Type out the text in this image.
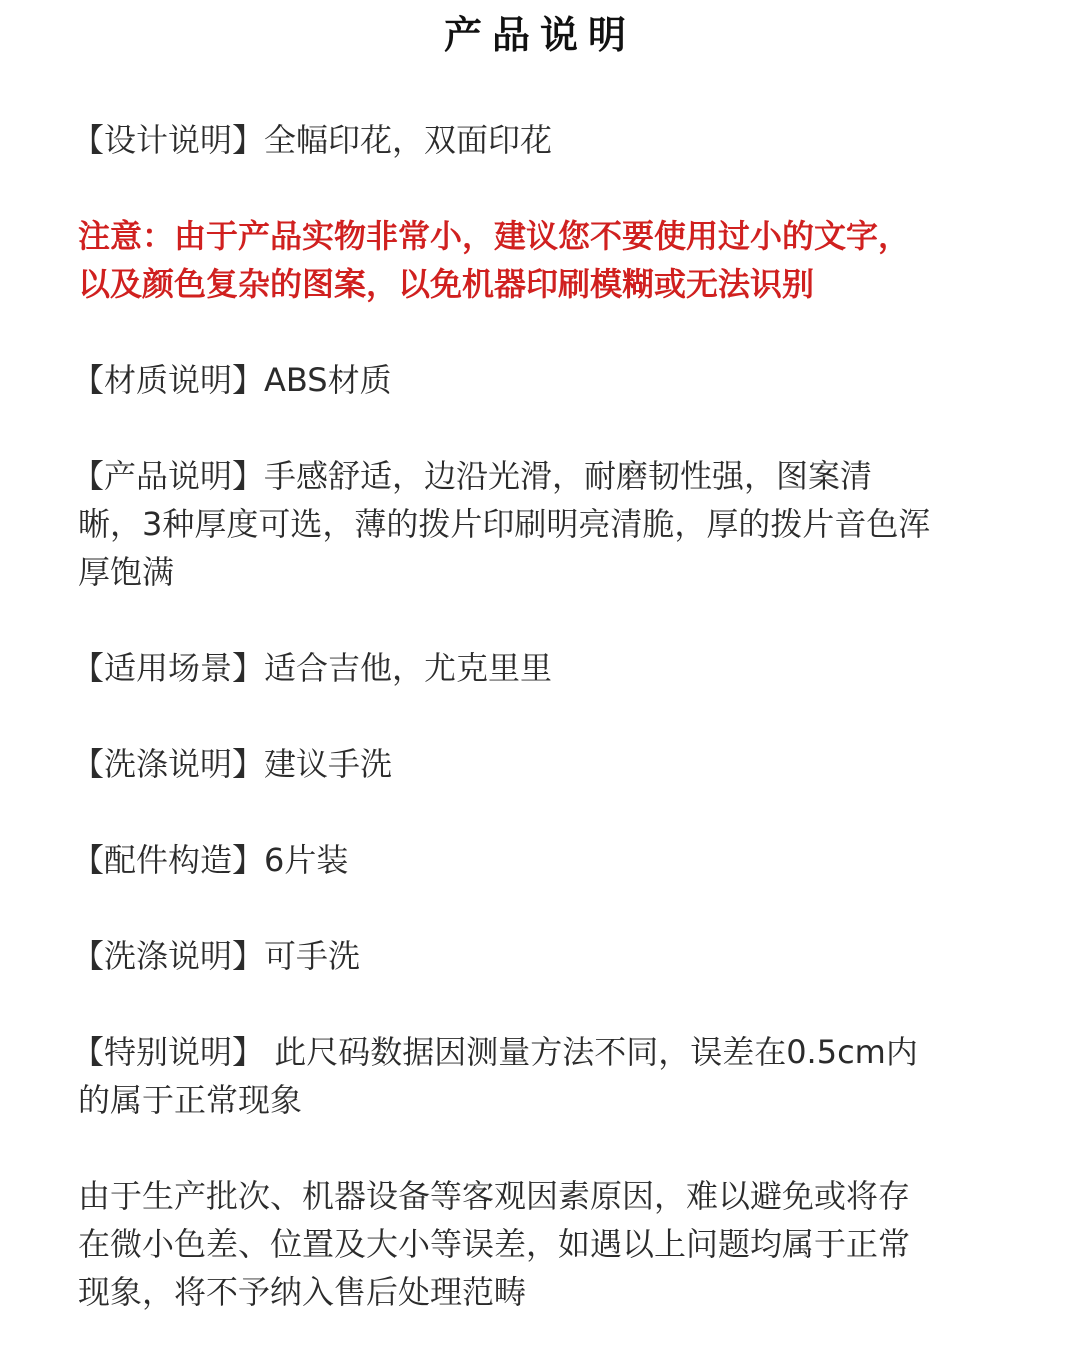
产品说明

【设计说明】全幅印花，双面印花

注意：由于产品实物非常小，建议您不要使用过小的文字，
以及颜色复杂的图案，以免机器印刷模糊或无法识别

【材质说明】ABS材质

【产品说明】手感舒适，边沿光滑，耐磨韧性强，图案清
晰，3种厚度可选，薄的拨片印刷明亮清脆，厚的拨片音色浑
厚饱满

【适用场景】适合吉他，尤克里里

【洗涤说明】建议手洗

【配件构造】6片装

【洗涤说明】可手洗

【特别说明】 此尺码数据因测量方法不同，误差在0.5cm内
的属于正常现象

由于生产批次、机器设备等客观因素原因，难以避免或将存
在微小色差、位置及大小等误差，如遇以上问题均属于正常
现象，将不予纳入售后处理范畴
